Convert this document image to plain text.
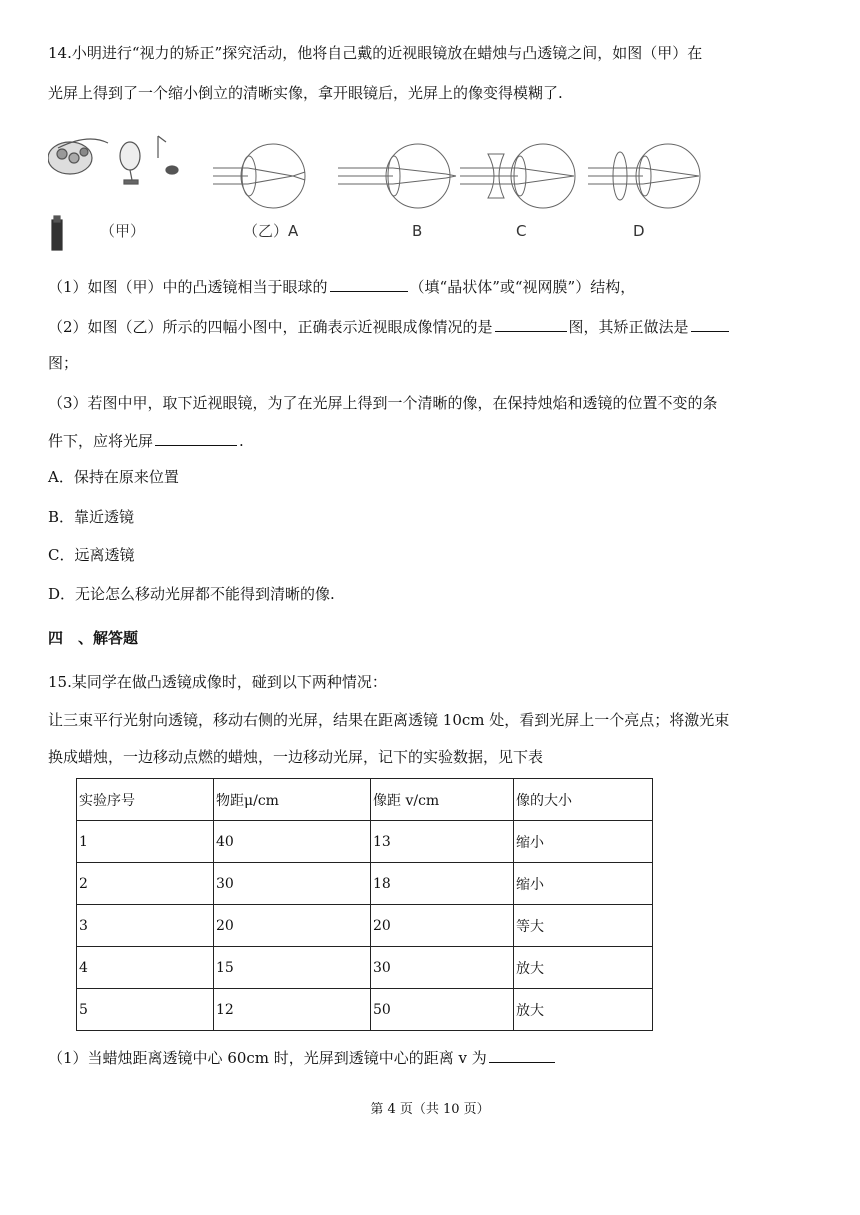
14.小明进行“视力的矫正”探究活动，他将自己戴的近视眼镜放在蜡烛与凸透镜之间，如图（甲）在
光屏上得到了一个缩小倒立的清晰实像，拿开眼镜后，光屏上的像变得模糊了.
（甲）	（乙）A	B	C	D
（1）如图（甲）中的凸透镜相当于眼球的	（填“晶状体”或“视网膜”）结构，
（2）如图（乙）所示的四幅小图中，正确表示近视眼成像情况的是	图，其矫正做法是
图；
（3）若图中甲，取下近视眼镜，为了在光屏上得到一个清晰的像，在保持烛焰和透镜的位置不变的条
件下，应将光屏	.
A．保持在原来位置
B．靠近透镜
C．远离透镜
D．无论怎么移动光屏都不能得到清晰的像.
四　、解答题
15.某同学在做凸透镜成像时，碰到以下两种情况：
让三束平行光射向透镜，移动右侧的光屏，结果在距离透镜 10cm 处，看到光屏上一个亮点；将激光束
换成蜡烛，一边移动点燃的蜡烛，一边移动光屏，记下的实验数据，见下表
实验序号	物距μ/cm	像距 v/cm	像的大小
1	40	13	缩小
2	30	18	缩小
3	20	20	等大
4	15	30	放大
5	12	50	放大
（1）当蜡烛距离透镜中心 60cm 时，光屏到透镜中心的距离 v 为
第 4 页（共 10 页）
